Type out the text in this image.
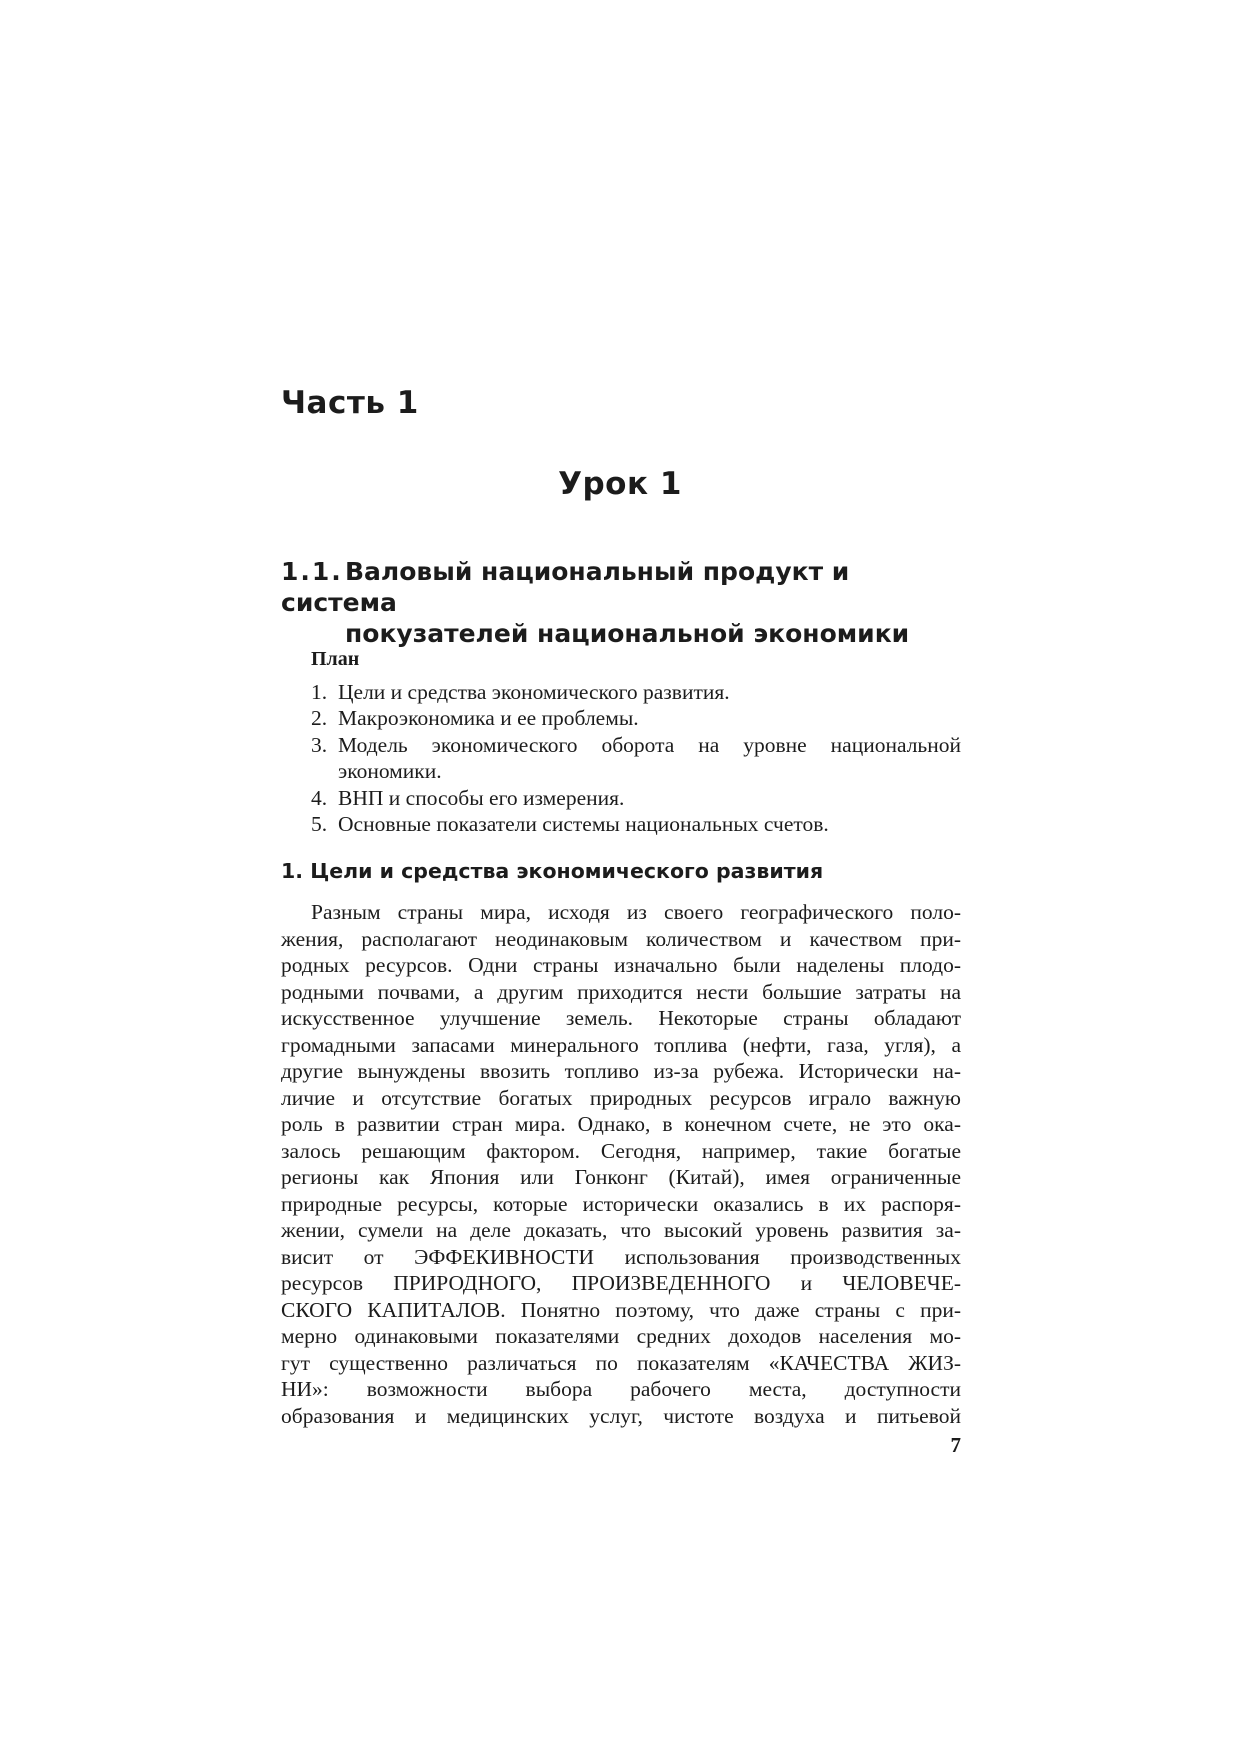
Часть 1
Урок 1
1.1.Валовый национальный продукт и система
покузателей национальной экономики

План

1. Цели и средства экономического развития.
2. Макроэкономика и ее проблемы.
3. Модель экономического оборота на уровне национальной экономики.
4. ВНП и способы его измерения.
5. Основные показатели системы национальных счетов.
1. Цели и средства экономического развития

Разным страны мира, исходя из своего географического поло-
жения, располагают неодинаковым количеством и качеством при-
родных ресурсов. Одни страны изначально были наделены плодо-
родными почвами, а другим приходится нести большие затраты на
искусственное улучшение земель. Некоторые страны обладают
громадными запасами минерального топлива (нефти, газа, угля), а
другие вынуждены ввозить топливо из-за рубежа. Исторически на-
личие и отсутствие богатых природных ресурсов играло важную
роль в развитии стран мира. Однако, в конечном счете, не это ока-
залось решающим фактором. Сегодня, например, такие богатые
регионы как Япония или Гонконг (Китай), имея ограниченные
природные ресурсы, которые исторически оказались в их распоря-
жении, сумели на деле доказать, что высокий уровень развития за-
висит от ЭФФЕКИВНОСТИ использования производственных
ресурсов ПРИРОДНОГО, ПРОИЗВЕДЕННОГО и ЧЕЛОВЕЧЕ-
СКОГО КАПИТАЛОВ. Понятно поэтому, что даже страны с при-
мерно одинаковыми показателями средних доходов населения мо-
гут существенно различаться по показателям «КАЧЕСТВА ЖИЗ-
НИ»: возможности выбора рабочего места, доступности
образования и медицинских услуг, чистоте воздуха и питьевой

7
